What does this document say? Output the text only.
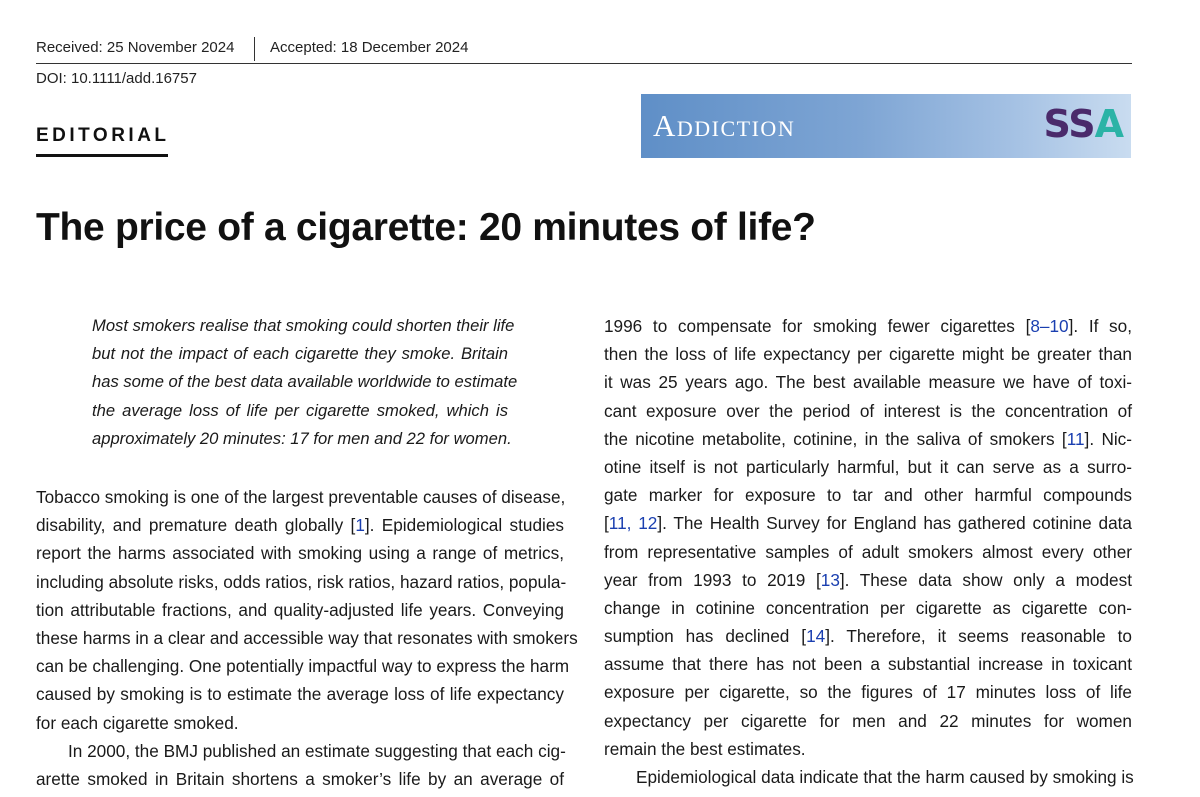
Received: 25 November 2024 Accepted: 18 December 2024
DOI: 10.1111/add.16757
EDITORIAL	Addiction	SSA
The price of a cigarette: 20 minutes of life?
Most smokers realise that smoking could shorten their life
but not the impact of each cigarette they smoke. Britain
has some of the best data available worldwide to estimate
the average loss of life per cigarette smoked, which is
approximately 20 minutes: 17 for men and 22 for women.
Tobacco smoking is one of the largest preventable causes of disease,
disability, and premature death globally [1]. Epidemiological studies
report the harms associated with smoking using a range of metrics,
including absolute risks, odds ratios, risk ratios, hazard ratios, popula-
tion attributable fractions, and quality-adjusted life years. Conveying
these harms in a clear and accessible way that resonates with smokers
can be challenging. One potentially impactful way to express the harm
caused by smoking is to estimate the average loss of life expectancy
for each cigarette smoked.
In 2000, the BMJ published an estimate suggesting that each cig-
arette smoked in Britain shortens a smoker’s life by an average of
1996 to compensate for smoking fewer cigarettes [8–10]. If so,
then the loss of life expectancy per cigarette might be greater than
it was 25 years ago. The best available measure we have of toxi-
cant exposure over the period of interest is the concentration of
the nicotine metabolite, cotinine, in the saliva of smokers [11]. Nic-
otine itself is not particularly harmful, but it can serve as a surro-
gate marker for exposure to tar and other harmful compounds
[11, 12]. The Health Survey for England has gathered cotinine data
from representative samples of adult smokers almost every other
year from 1993 to 2019 [13]. These data show only a modest
change in cotinine concentration per cigarette as cigarette con-
sumption has declined [14]. Therefore, it seems reasonable to
assume that there has not been a substantial increase in toxicant
exposure per cigarette, so the figures of 17 minutes loss of life
expectancy per cigarette for men and 22 minutes for women
remain the best estimates.
Epidemiological data indicate that the harm caused by smoking is
